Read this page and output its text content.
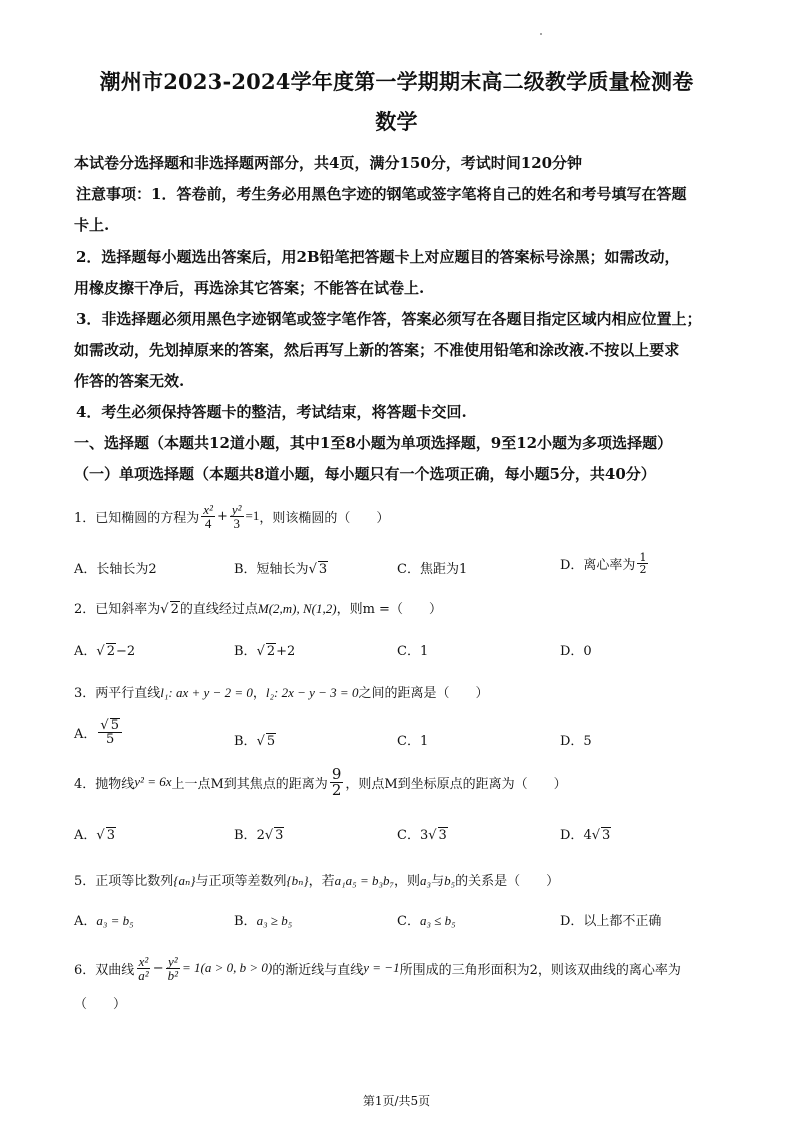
潮州市2023-2024学年度第一学期期末高二级教学质量检测卷
数学
本试卷分选择题和非选择题两部分，共4页，满分150分，考试时间120分钟
注意事项：1．答卷前，考生务必用黑色字迹的钢笔或签字笔将自己的姓名和考号填写在答题
卡上.
2．选择题每小题选出答案后，用2B铅笔把答题卡上对应题目的答案标号涂黑；如需改动，
用橡皮擦干净后，再选涂其它答案；不能答在试卷上.
3．非选择题必须用黑色字迹钢笔或签字笔作答，答案必须写在各题目指定区域内相应位置上；
如需改动，先划掉原来的答案，然后再写上新的答案；不准使用铅笔和涂改液.不按以上要求
作答的答案无效.
4．考生必须保持答题卡的整洁，考试结束，将答题卡交回.
一、选择题（本题共12道小题，其中1至8小题为单项选择题，9至12小题为多项选择题）
（一）单项选择题（本题共8道小题，每小题只有一个选项正确，每小题5分，共40分）
1．已知椭圆的方程为 $\frac{\text{x²}}{4} + \frac{\text{y²}}{3} =1$ ，则该椭圆的（　　）
A．长轴长为2	B．短轴长为√ 3	C．焦距为1	D．离心率为 $\frac{1}{2}$
2．已知斜率为√ 2的直线经过点M(2,m), N(1,2)，则m =（　　）
A．√ 2−2	B．√ 2+2	C．1	D．0
3．两平行直线l₁: ax + y − 2 = 0，l₂: 2x − y − 3 = 0之间的距离是（　　）
A． $\frac{√ 5}{5}$	B．√ 5	C．1	D．5
4．抛物线 y² = 6x 上一点M到其焦点的距离为 $\frac{9}{2}$ ，则点M到坐标原点的距离为（　　）
A．√ 3	B．2√ 3	C．3√ 3	D．4√ 3
5．正项等比数列{aₙ}与正项等差数列{bₙ}，若a₁a₅ = b₃b₇，则a₃与b₅的关系是（　　）
A．a₃ = b₅	B．a₃ ≥ b₅	C．a₃ ≤ b₅	D．以上都不正确
6．双曲线 $\frac{\text{x²}}{\text{a²}} - \frac{\text{y²}}{\text{b²}} = 1(a > 0$, b > 0) 的渐近线与直线 y = −1 所围成的三角形面积为2，则该双曲线的离心率为
（　　）
第1页/共5页
